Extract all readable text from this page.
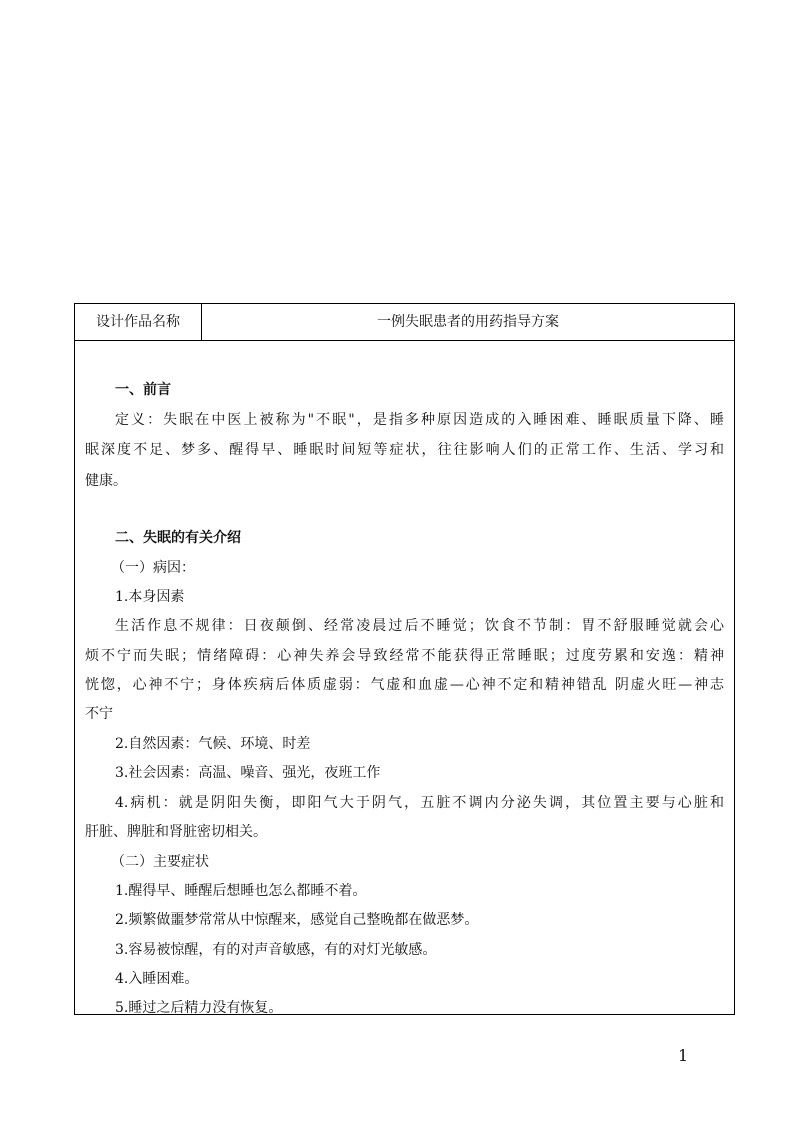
设计作品名称	一例失眠患者的用药指导方案
一、前言
定义：失眠在中医上被称为"不眠"，是指多种原因造成的入睡困难、睡眠质量下降、睡
眠深度不足、梦多、醒得早、睡眠时间短等症状，往往影响人们的正常工作、生活、学习和
健康。
二、失眠的有关介绍
（一）病因：
1.本身因素
生活作息不规律：日夜颠倒、经常凌晨过后不睡觉；饮食不节制：胃不舒服睡觉就会心
烦不宁而失眠；情绪障碍：心神失养会导致经常不能获得正常睡眠；过度劳累和安逸：精神
恍惚，心神不宁；身体疾病后体质虚弱：气虚和血虚—心神不定和精神错乱 阴虚火旺—神志
不宁
2.自然因素：气候、环境、时差
3.社会因素：高温、噪音、强光，夜班工作
4.病机：就是阴阳失衡，即阳气大于阴气，五脏不调内分泌失调，其位置主要与心脏和
肝脏、脾脏和肾脏密切相关。
（二）主要症状
1.醒得早、睡醒后想睡也怎么都睡不着。
2.频繁做噩梦常常从中惊醒来，感觉自己整晚都在做恶梦。
3.容易被惊醒，有的对声音敏感，有的对灯光敏感。
4.入睡困难。
5.睡过之后精力没有恢复。
1
